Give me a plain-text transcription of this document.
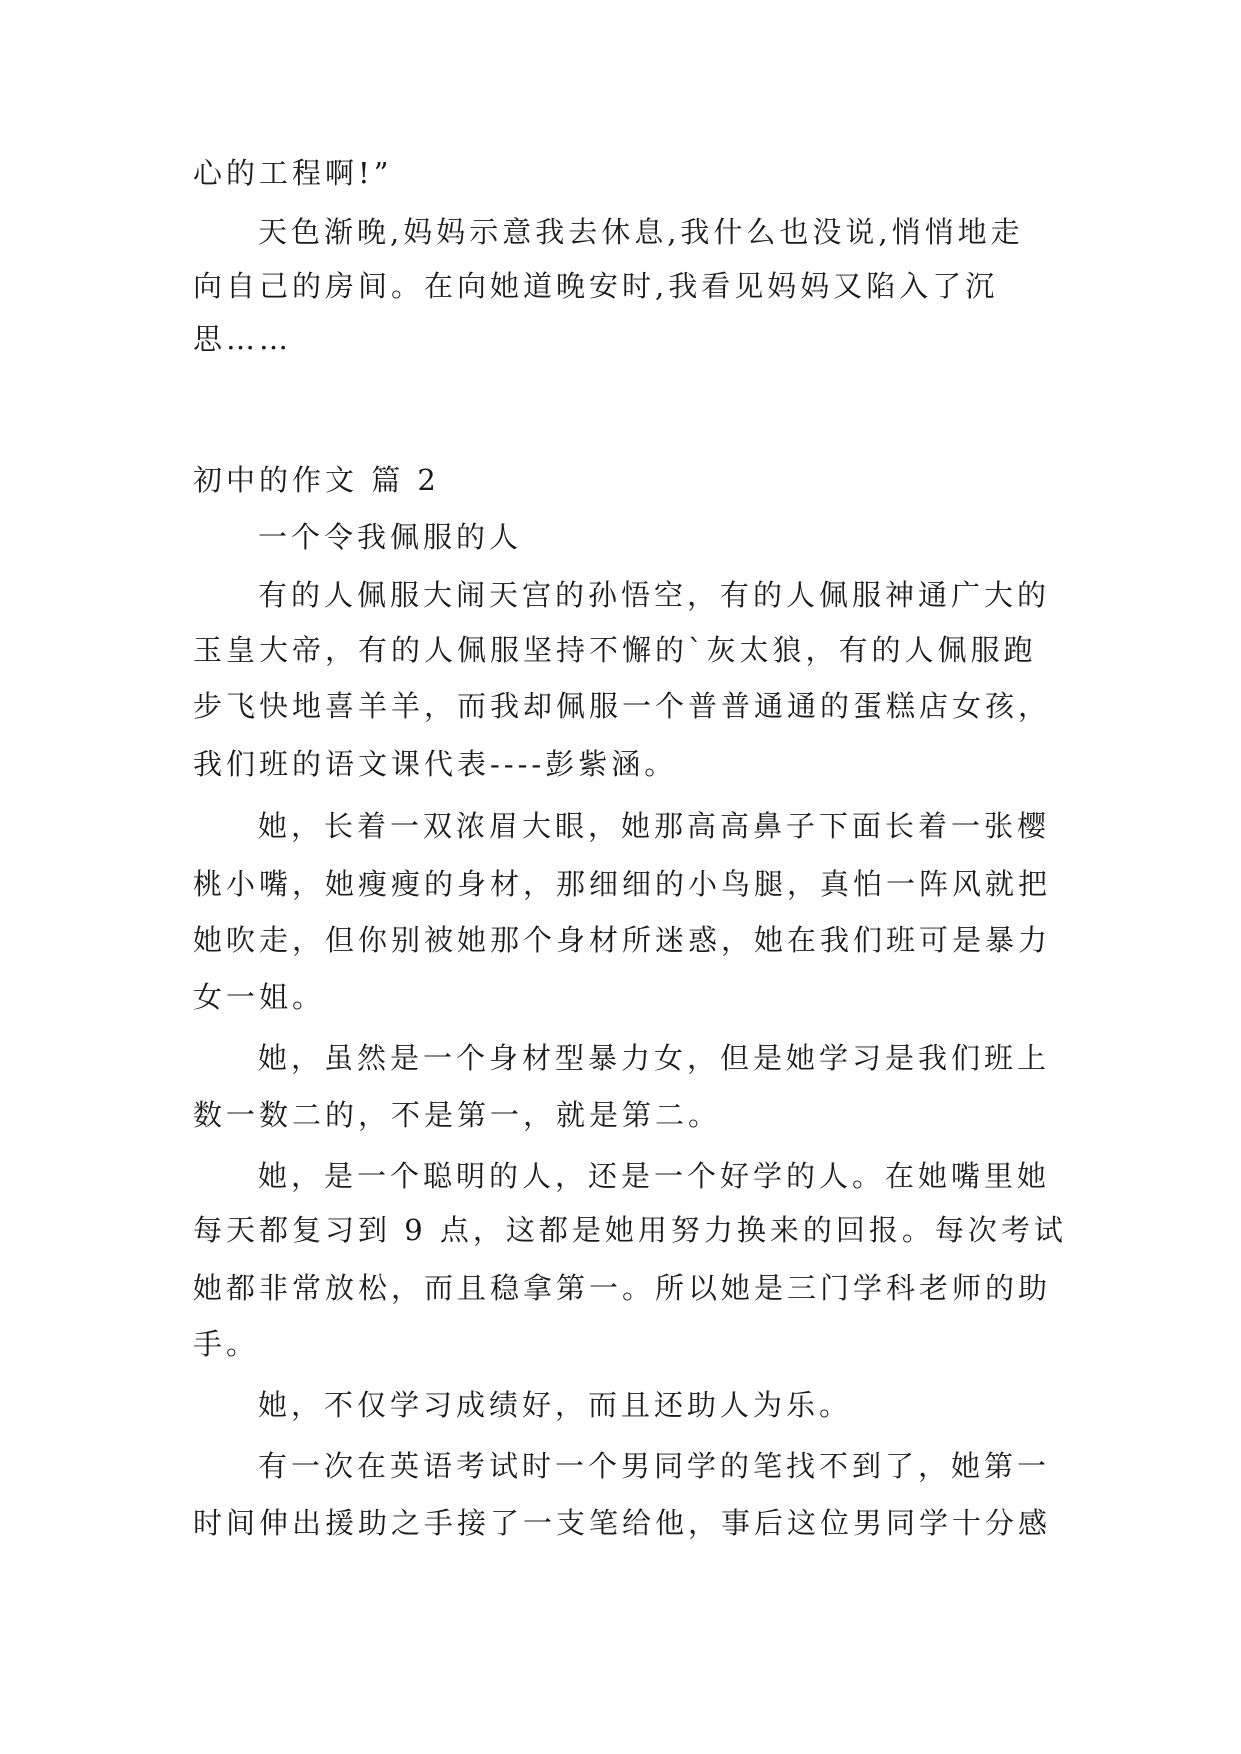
心的工程啊!”
天色渐晚,妈妈示意我去休息,我什么也没说,悄悄地走
向自己的房间。在向她道晚安时,我看见妈妈又陷入了沉
思……
初中的作文 篇 2
一个令我佩服的人
有的人佩服大闹天宫的孙悟空，有的人佩服神通广大的
玉皇大帝，有的人佩服坚持不懈的`灰太狼，有的人佩服跑
步飞快地喜羊羊，而我却佩服一个普普通通的蛋糕店女孩，
我们班的语文课代表----彭紫涵。
她，长着一双浓眉大眼，她那高高鼻子下面长着一张樱
桃小嘴，她瘦瘦的身材，那细细的小鸟腿，真怕一阵风就把
她吹走，但你别被她那个身材所迷惑，她在我们班可是暴力
女一姐。
她，虽然是一个身材型暴力女，但是她学习是我们班上
数一数二的，不是第一，就是第二。
她，是一个聪明的人，还是一个好学的人。在她嘴里她
每天都复习到 9 点，这都是她用努力换来的回报。每次考试
她都非常放松，而且稳拿第一。所以她是三门学科老师的助
手。
她，不仅学习成绩好，而且还助人为乐。
有一次在英语考试时一个男同学的笔找不到了，她第一
时间伸出援助之手接了一支笔给他，事后这位男同学十分感
